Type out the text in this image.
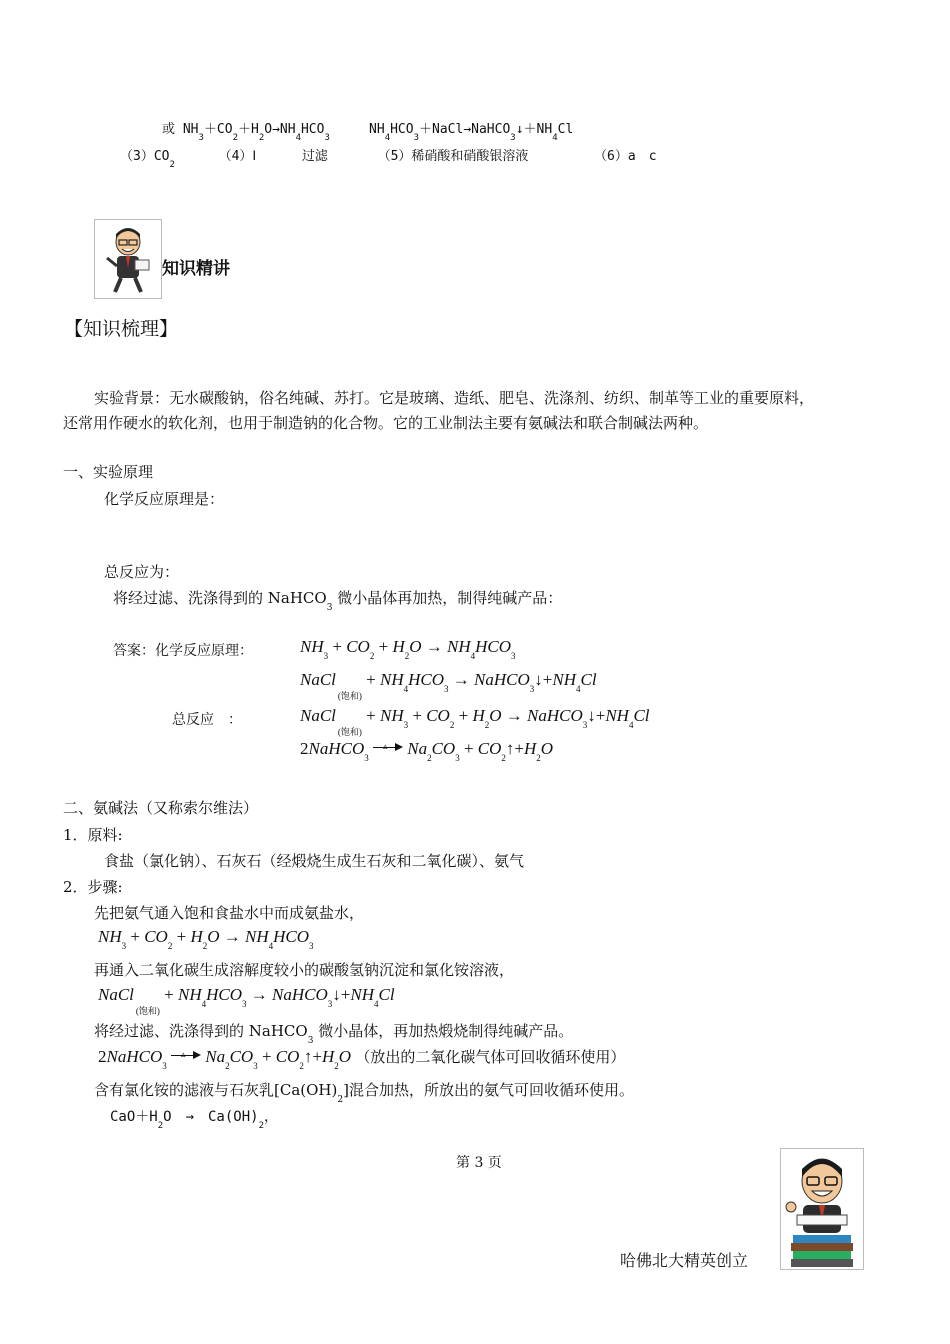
或 $NH_3+CO_2+H_2O\to NH_4HCO_3$     $NH_4HCO_3+NaCl\to NaHCO_3↓+NH_4Cl$
$(3)CO_2$  （4）Ⅰ	过滤	（5）稀硝酸和硝酸银溶液	（6）a　c
知识精讲
【知识梳理】
实验背景：无水碳酸钠，俗名纯碱、苏打。它是玻璃、造纸、肥皂、洗涤剂、纺织、制革等工业的重要原料，
还常用作硬水的软化剂，也用于制造钠的化合物。它的工业制法主要有氨碱法和联合制碱法两种。
一、实验原理
化学反应原理是：
总反应为：
将经过滤、洗涤得到的 NaHCO$_3$ 微小晶体再加热，制得纯碱产品：
答案：化学反应原理：	$NH_3 + CO_2 + H_2O \to NH_4HCO_3$
NaCl$_{(饱和)}$ + $NH_4HCO_3$ → $NaHCO_3↓+NH_4Cl$
总反应　：	NaCl$_{(饱和)}$ + $NH_3 + CO_2 + H_2O$ → $NaHCO_3↓+NH_4Cl$
2NaHCO$_3$
▵ $Na_2CO_3$ + $CO_2↑+H_2O$
二、氨碱法（又称索尔维法）
1．原料:
食盐（氯化钠）、石灰石（经煅烧生成生石灰和二氧化碳）、氨气
2．步骤:
先把氨气通入饱和食盐水中而成氨盐水，
$NH_3 + CO_2 + H_2O \to NH_4HCO_3$
再通入二氧化碳生成溶解度较小的碳酸氢钠沉淀和氯化铵溶液，
NaCl$_{(饱和)}$ + $NH_4HCO_3$ → $NaHCO_3↓+NH_4Cl$
将经过滤、洗涤得到的 NaHCO$_3$ 微小晶体，再加热煅烧制得纯碱产品。
2NaHCO$_3$
▵ $Na_2CO_3$ + $CO_2↑+H_2O$ （放出的二氧化碳气体可回收循环使用）
含有氯化铵的滤液与石灰乳$[Ca(OH)_2]$混合加热，所放出的氨气可回收循环使用。
$CaO+H_2O$　→　$Ca(OH)_2$，
第 3 页
哈佛北大精英创立
